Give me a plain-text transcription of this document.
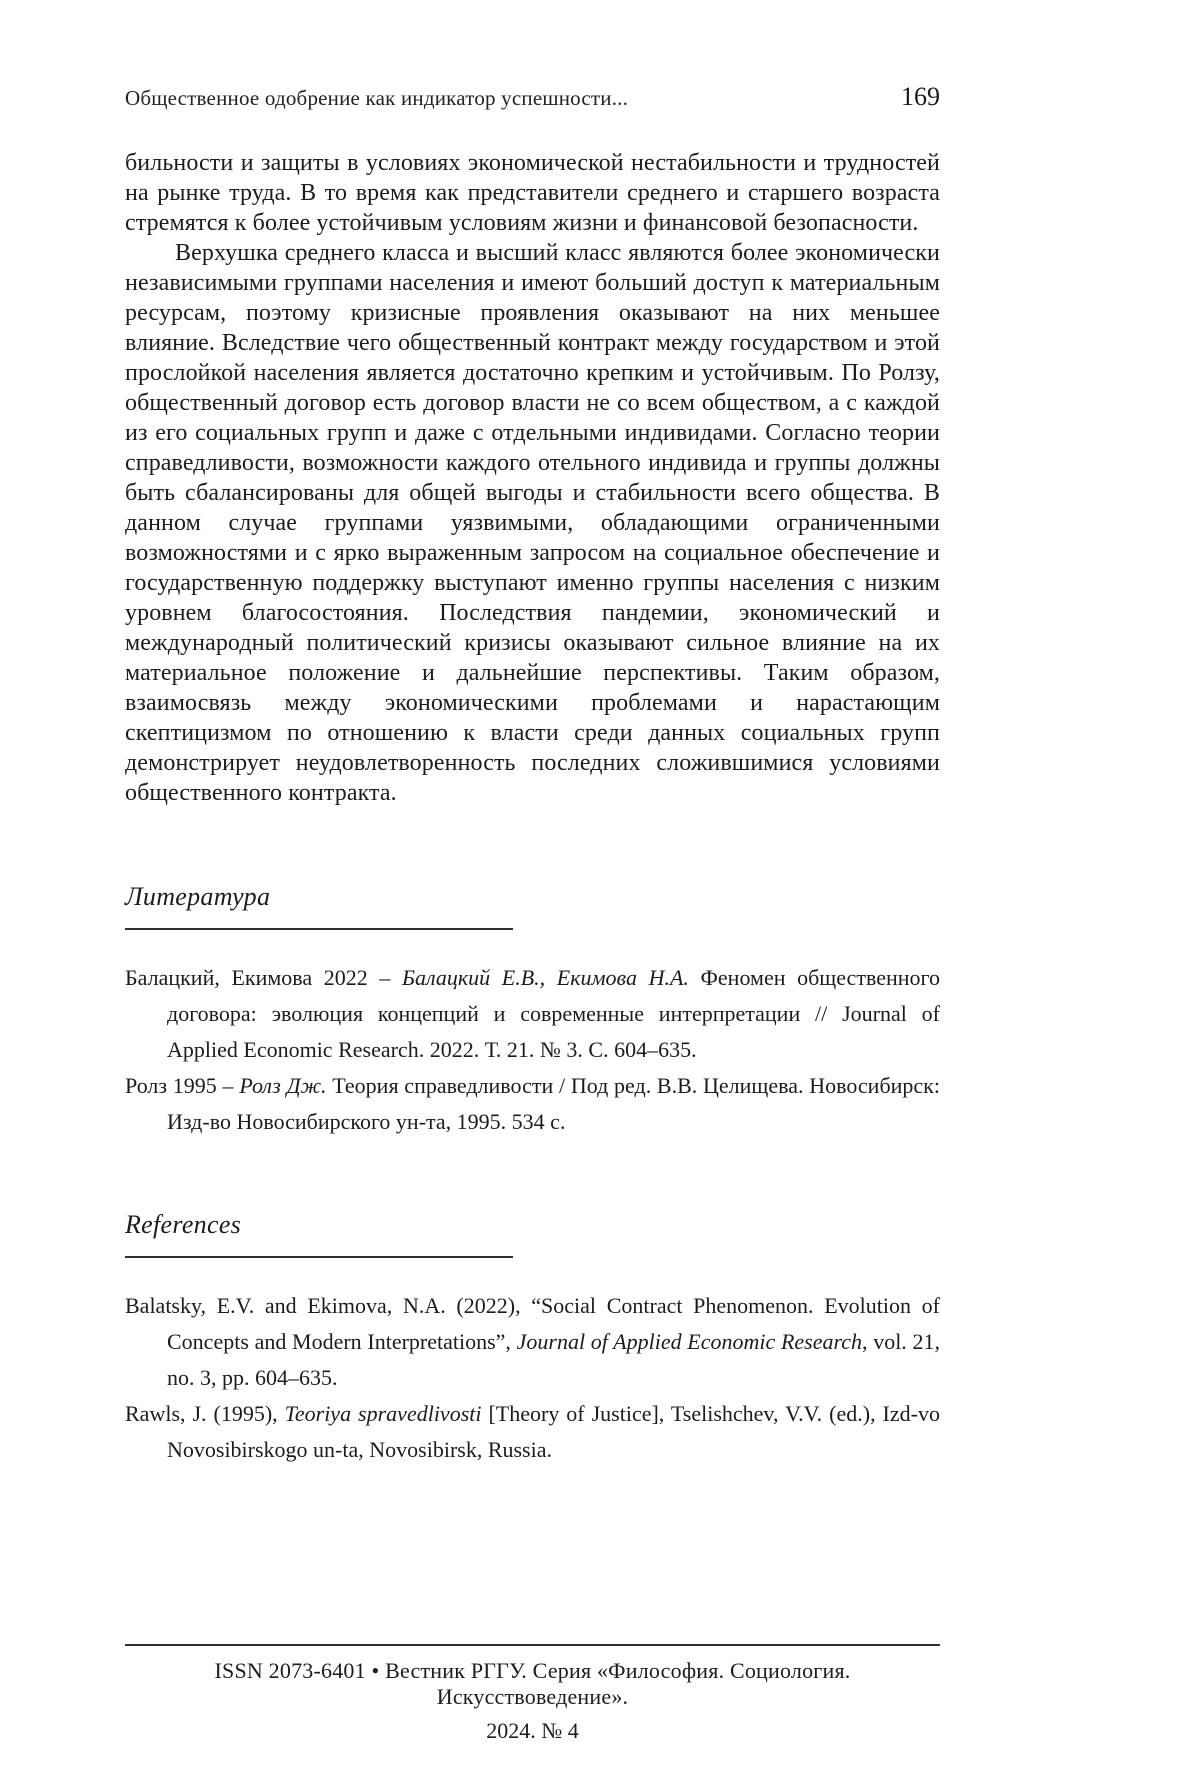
Общественное одобрение как индикатор успешности...	169

бильности и защиты в условиях экономической нестабильности и трудностей на рынке труда. В то время как представители среднего и старшего возраста стремятся к более устойчивым условиям жизни и финансовой безопасности.

Верхушка среднего класса и высший класс являются более экономически независимыми группами населения и имеют больший доступ к материальным ресурсам, поэтому кризисные проявления оказывают на них меньшее влияние. Вследствие чего общественный контракт между государством и этой прослойкой населения является достаточно крепким и устойчивым. По Ролзу, общественный договор есть договор власти не со всем обществом, а с каждой из его социальных групп и даже с отдельными индивидами. Согласно теории справедливости, возможности каждого отельного индивида и группы должны быть сбалансированы для общей выгоды и стабильности всего общества. В данном случае группами уязвимыми, обладающими ограниченными возможностями и с ярко выраженным запросом на социальное обеспечение и государственную поддержку выступают именно группы населения с низким уровнем благосостояния. Последствия пандемии, экономический и международный политический кризисы оказывают сильное влияние на их материальное положение и дальнейшие перспективы. Таким образом, взаимосвязь между экономическими проблемами и нарастающим скептицизмом по отношению к власти среди данных социальных групп демонстрирует неудовлетворенность последних сложившимися условиями общественного контракта.

Литература

Балацкий, Екимова 2022 – Балацкий Е.В., Екимова Н.А. Феномен общественного договора: эволюция концепций и современные интерпретации // Journal of Applied Economic Research. 2022. Т. 21. № 3. С. 604–635.

Ролз 1995 – Ролз Дж. Теория справедливости / Под ред. В.В. Целищева. Новосибирск: Изд-во Новосибирского ун-та, 1995. 534 с.

References

Balatsky, E.V. and Ekimova, N.A. (2022), “Social Contract Phenomenon. Evolution of Concepts and Modern Interpretations”, Journal of Applied Economic Research, vol. 21, no. 3, pp. 604–635.

Rawls, J. (1995), Teoriya spravedlivosti [Theory of Justice], Tselishchev, V.V. (ed.), Izd-vo Novosibirskogo un-ta, Novosibirsk, Russia.

ISSN 2073-6401 • Вестник РГГУ. Серия «Философия. Социология. Искусствоведение».
2024. № 4
